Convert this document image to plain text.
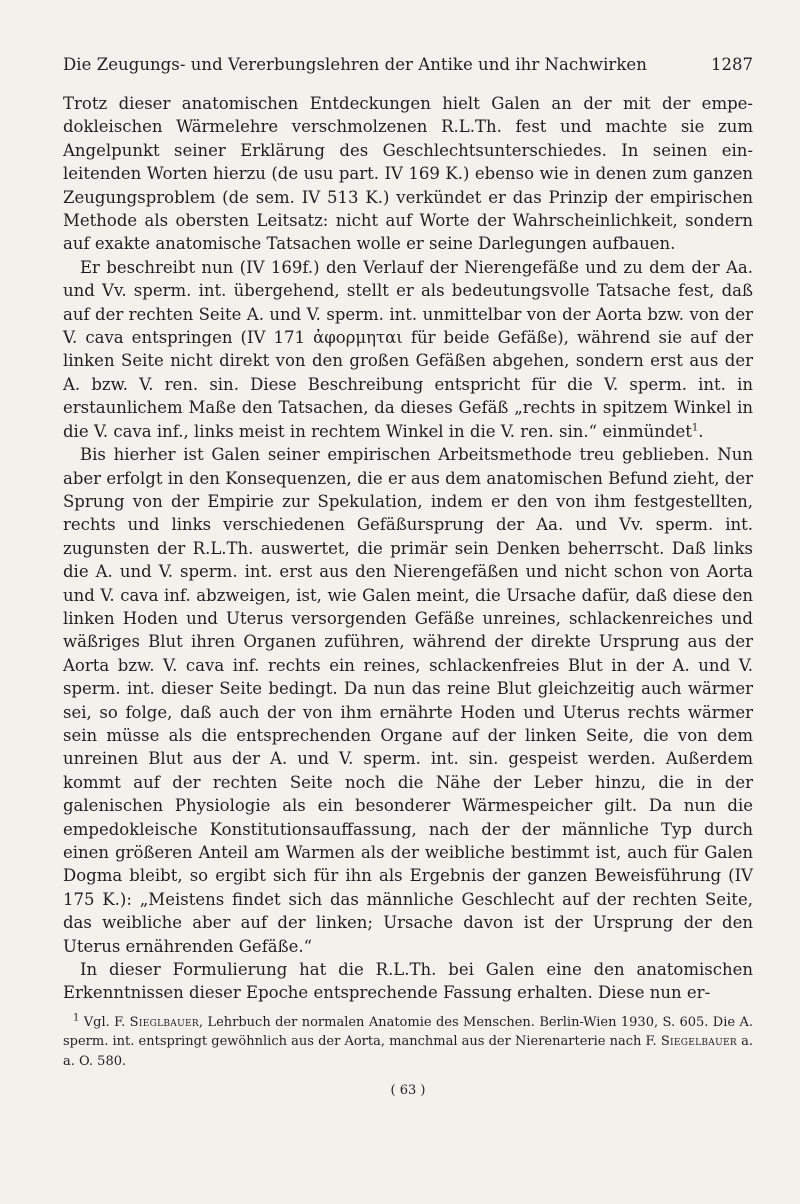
Die Zeugungs- und Vererbungslehren der Antike und ihr Nachwirken	1287

Trotz dieser anatomischen Entdeckungen hielt Galen an der mit der empedokleischen Wärmelehre verschmolzenen R.L.Th. fest und machte sie zum Angelpunkt seiner Erklärung des Geschlechtsunterschiedes. In seinen einleitenden Worten hierzu (de usu part. IV 169 K.) ebenso wie in denen zum ganzen Zeugungsproblem (de sem. IV 513 K.) verkündet er das Prinzip der empirischen Methode als obersten Leitsatz: nicht auf Worte der Wahrscheinlichkeit, sondern auf exakte anatomische Tatsachen wolle er seine Darlegungen aufbauen.

Er beschreibt nun (IV 169f.) den Verlauf der Nierengefäße und zu dem der Aa. und Vv. sperm. int. übergehend, stellt er als bedeutungsvolle Tatsache fest, daß auf der rechten Seite A. und V. sperm. int. unmittelbar von der Aorta bzw. von der V. cava entspringen (IV 171 ἀφορμηται für beide Gefäße), während sie auf der linken Seite nicht direkt von den großen Gefäßen abgehen, sondern erst aus der A. bzw. V. ren. sin. Diese Beschreibung entspricht für die V. sperm. int. in erstaunlichem Maße den Tatsachen, da dieses Gefäß „rechts in spitzem Winkel in die V. cava inf., links meist in rechtem Winkel in die V. ren. sin.“ einmündet$^1$.

Bis hierher ist Galen seiner empirischen Arbeitsmethode treu geblieben. Nun aber erfolgt in den Konsequenzen, die er aus dem anatomischen Befund zieht, der Sprung von der Empirie zur Spekulation, indem er den von ihm festgestellten, rechts und links verschiedenen Gefäßursprung der Aa. und Vv. sperm. int. zugunsten der R.L.Th. auswertet, die primär sein Denken beherrscht. Daß links die A. und V. sperm. int. erst aus den Nierengefäßen und nicht schon von Aorta und V. cava inf. abzweigen, ist, wie Galen meint, die Ursache dafür, daß diese den linken Hoden und Uterus versorgenden Gefäße unreines, schlackenreiches und wäßriges Blut ihren Organen zuführen, während der direkte Ursprung aus der Aorta bzw. V. cava inf. rechts ein reines, schlackenfreies Blut in der A. und V. sperm. int. dieser Seite bedingt. Da nun das reine Blut gleichzeitig auch wärmer sei, so folge, daß auch der von ihm ernährte Hoden und Uterus rechts wärmer sein müsse als die entsprechenden Organe auf der linken Seite, die von dem unreinen Blut aus der A. und V. sperm. int. sin. gespeist werden. Außerdem kommt auf der rechten Seite noch die Nähe der Leber hinzu, die in der galenischen Physiologie als ein besonderer Wärmespeicher gilt. Da nun die empedokleische Konstitutionsauffassung, nach der der männliche Typ durch einen größeren Anteil am Warmen als der weibliche bestimmt ist, auch für Galen Dogma bleibt, so ergibt sich für ihn als Ergebnis der ganzen Beweisführung (IV 175 K.): „Meistens findet sich das männliche Geschlecht auf der rechten Seite, das weibliche aber auf der linken; Ursache davon ist der Ursprung der den Uterus ernährenden Gefäße.“

In dieser Formulierung hat die R.L.Th. bei Galen eine den anatomischen Erkenntnissen dieser Epoche entsprechende Fassung erhalten. Diese nun er-

$^1$ Vgl. F. Sieglbauer, Lehrbuch der normalen Anatomie des Menschen. Berlin-Wien 1930, S. 605. Die A. sperm. int. entspringt gewöhnlich aus der Aorta, manchmal aus der Nierenarterie nach F. Siegelbauer a. a. O. 580.

( 63 )
